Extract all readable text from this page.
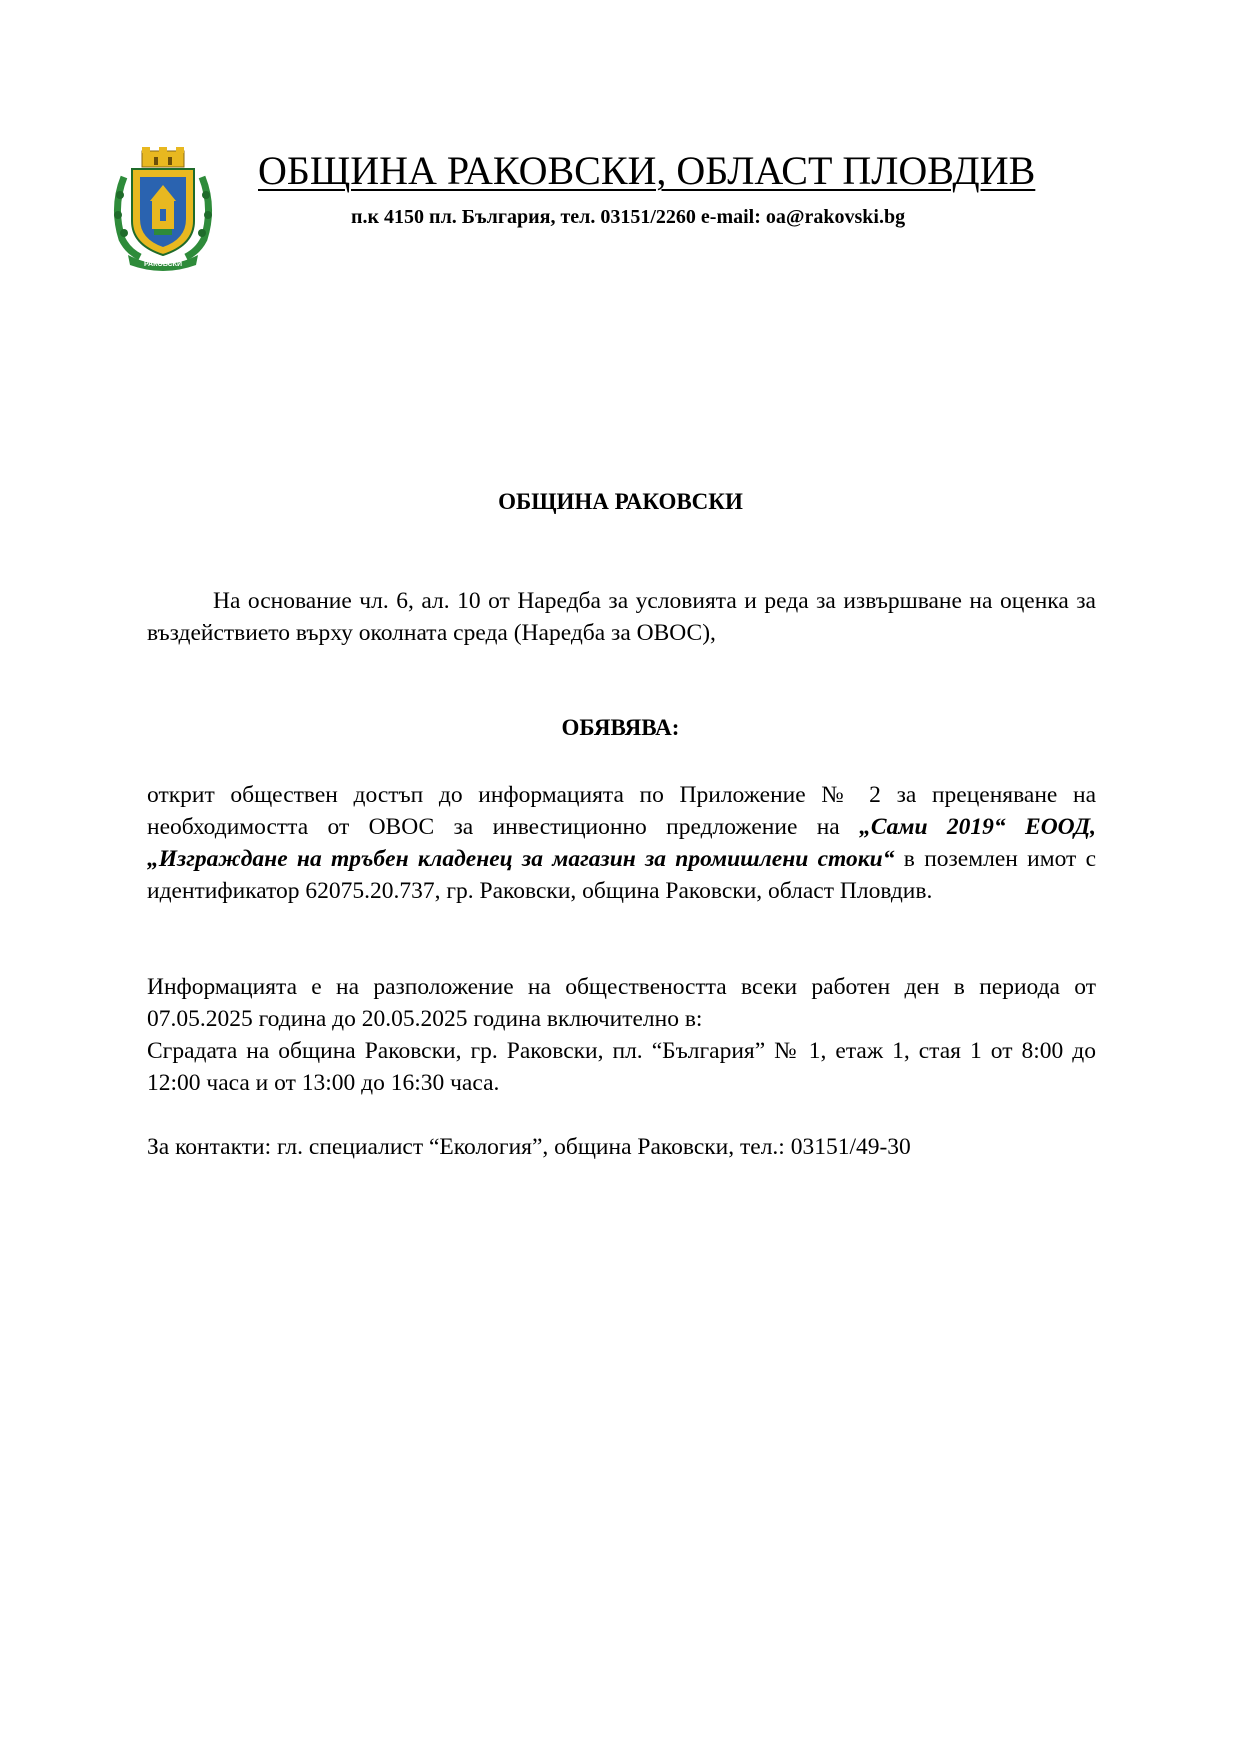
РАКОВСКИ
ОБЩИНА РАКОВСКИ, ОБЛАСТ ПЛОВДИВ
п.к 4150 пл. България, тел. 03151/2260 e-mail: oa@rakovski.bg
ОБЩИНА РАКОВСКИ

На основание чл. 6, ал. 10 от Наредба за условията и реда за извършване на оценка за въздействието върху околната среда (Наредба за ОВОС),

ОБЯВЯВА:

открит обществен достъп до информацията по Приложение № 2 за преценяване на необходимостта от ОВОС за инвестиционно предложение на „Сами 2019“ ЕООД, „Изграждане на тръбен кладенец за магазин за промишлени стоки“ в поземлен имот с идентификатор 62075.20.737, гр. Раковски, община Раковски, област Пловдив.

Информацията е на разположение на обществеността всеки работен ден в периода от 07.05.2025 година до 20.05.2025 година включително в:

Сградата на община Раковски, гр. Раковски, пл. “България” № 1, етаж 1, стая 1 от 8:00 до 12:00 часа и от 13:00 до 16:30 часа.

За контакти: гл. специалист “Екология”, община Раковски, тел.: 03151/49-30
